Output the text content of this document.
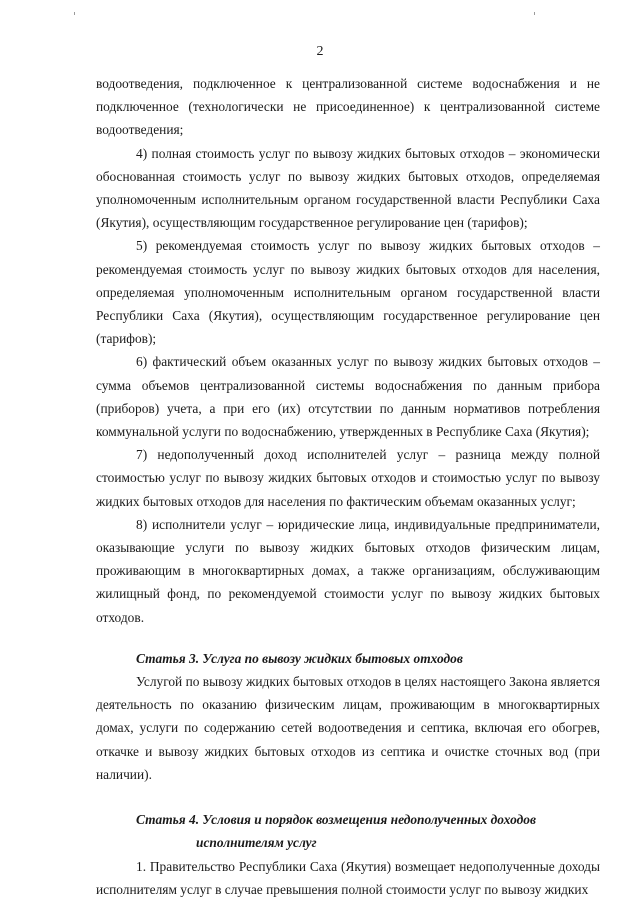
2

водоотведения, подключенное к централизованной системе водоснабжения и не подключенное (технологически не присоединенное) к централизованной системе водоотведения;

4) полная стоимость услуг по вывозу жидких бытовых отходов – экономически обоснованная стоимость услуг по вывозу жидких бытовых отходов, определяемая уполномоченным исполнительным органом государственной власти Республики Саха (Якутия), осуществляющим государственное регулирование цен (тарифов);

5) рекомендуемая стоимость услуг по вывозу жидких бытовых отходов – рекомендуемая стоимость услуг по вывозу жидких бытовых отходов для населения, определяемая уполномоченным исполнительным органом государственной власти Республики Саха (Якутия), осуществляющим государственное регулирование цен (тарифов);

6) фактический объем оказанных услуг по вывозу жидких бытовых отходов – сумма объемов централизованной системы водоснабжения по данным прибора (приборов) учета, а при его (их) отсутствии по данным нормативов потребления коммунальной услуги по водоснабжению, утвержденных в Республике Саха (Якутия);

7) недополученный доход исполнителей услуг – разница между полной стоимостью услуг по вывозу жидких бытовых отходов и стоимостью услуг по вывозу жидких бытовых отходов для населения по фактическим объемам оказанных услуг;

8) исполнители услуг – юридические лица, индивидуальные предприниматели, оказывающие услуги по вывозу жидких бытовых отходов физическим лицам, проживающим в многоквартирных домах, а также организациям, обслуживающим жилищный фонд, по рекомендуемой стоимости услуг по вывозу жидких бытовых отходов.

Статья 3. Услуга по вывозу жидких бытовых отходов

Услугой по вывозу жидких бытовых отходов в целях настоящего Закона является деятельность по оказанию физическим лицам, проживающим в многоквартирных домах, услуги по содержанию сетей водоотведения и септика, включая его обогрев, откачке и вывозу жидких бытовых отходов из септика и очистке сточных вод (при наличии).

Статья 4. Условия и порядок возмещения недополученных доходов

исполнителям услуг

1. Правительство Республики Саха (Якутия) возмещает недополученные доходы исполнителям услуг в случае превышения полной стоимости услуг по вывозу жидких
